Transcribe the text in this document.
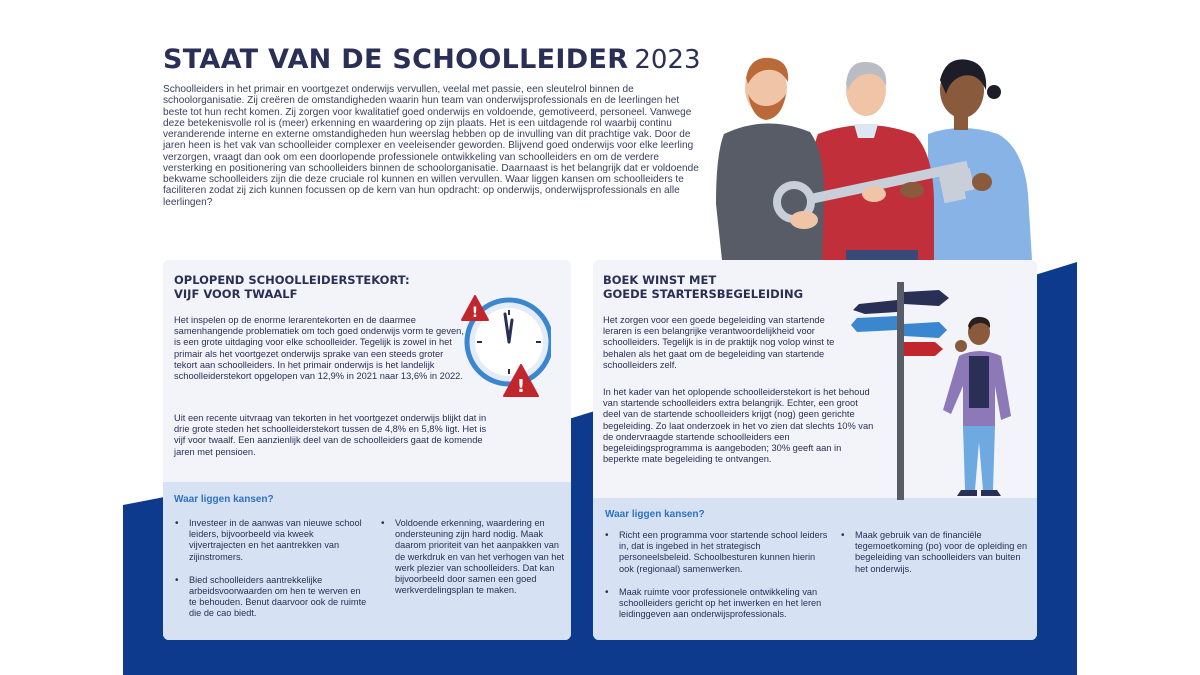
STAAT VAN DE SCHOOLLEIDER 2023
Schoolleiders in het primair en voortgezet onderwijs vervullen, veelal met passie, een sleutelrol binnen de schoolorganisatie. Zij creëren de omstandigheden waarin hun team van onderwijsprofessionals en de leerlingen het beste tot hun recht komen. Zij zorgen voor kwalitatief goed onderwijs en voldoende, gemotiveerd, personeel. Vanwege deze betekenisvolle rol is (meer) erkenning en waardering op zijn plaats. Het is een uitdagende rol waarbij continu veranderende interne en externe omstandigheden hun weerslag hebben op de invulling van dit prachtige vak. Door de jaren heen is het vak van schoolleider complexer en veeleisender geworden. Blijvend goed onderwijs voor elke leerling verzorgen, vraagt dan ook om een doorlopende professionele ontwikkeling van schoolleiders en om de verdere versterking en positionering van schoolleiders binnen de schoolorganisatie. Daarnaast is het belangrijk dat er voldoende bekwame schoolleiders zijn die deze cruciale rol kunnen en willen vervullen. Waar liggen kansen om schoolleiders te faciliteren zodat zij zich kunnen focussen op de kern van hun opdracht: op onderwijs, onderwijsprofessionals en alle leerlingen?
OPLOPEND SCHOOLLEIDERSTEKORT:
VIJF VOOR TWAALF
Het inspelen op de enorme lerarentekorten en de daarmee samenhangende problematiek om toch goed onderwijs vorm te geven, is een grote uitdaging voor elke schoolleider. Tegelijk is zowel in het primair als het voortgezet onderwijs sprake van een steeds groter tekort aan schoolleiders. In het primair onderwijs is het landelijk schoolleiderstekort opgelopen van 12,9% in 2021 naar 13,6% in 2022.
Uit een recente uitvraag van tekorten in het voortgezet onderwijs blijkt dat in drie grote steden het schoolleiderstekort tussen de 4,8% en 5,8% ligt. Het is vijf voor twaalf. Een aanzienlijk deel van de schoolleiders gaat de komende jaren met pensioen.
!
!
Waar liggen kansen?
• Investeer in de aanwas van nieuwe school leiders, bijvoorbeeld via kweek vijvertrajecten en het aantrekken van zijinstromers.
• Bied schoolleiders aantrekkelijke arbeidsvoorwaarden om hen te werven en te behouden. Benut daarvoor ook de ruimte die de cao biedt.
• Voldoende erkenning, waardering en ondersteuning zijn hard nodig. Maak daarom prioriteit van het aanpakken van de werkdruk en van het verhogen van het werk plezier van schoolleiders. Dat kan bijvoorbeeld door samen een goed werkverdelingsplan te maken.
BOEK WINST MET
GOEDE STARTERSBEGELEIDING
Het zorgen voor een goede begeleiding van startende leraren is een belangrijke verantwoordelijkheid voor schoolleiders. Tegelijk is in de praktijk nog volop winst te behalen als het gaat om de begeleiding van startende schoolleiders zelf.
In het kader van het oplopende schoolleiderstekort is het behoud van startende schoolleiders extra belangrijk. Echter, een groot deel van de startende schoolleiders krijgt (nog) geen gerichte begeleiding. Zo laat onderzoek in het vo zien dat slechts 10% van de ondervraagde startende schoolleiders een begeleidingsprogramma is aangeboden; 30% geeft aan in beperkte mate begeleiding te ontvangen.
Waar liggen kansen?
• Richt een programma voor startende school leiders in, dat is ingebed in het strategisch personeelsbeleid. Schoolbesturen kunnen hierin ook (regionaal) samenwerken.
• Maak ruimte voor professionele ontwikkeling van schoolleiders gericht op het inwerken en het leren leidinggeven aan onderwijsprofessionals.
• Maak gebruik van de financiële tegemoetkoming (po) voor de opleiding en begeleiding van schoolleiders van buiten het onderwijs.
